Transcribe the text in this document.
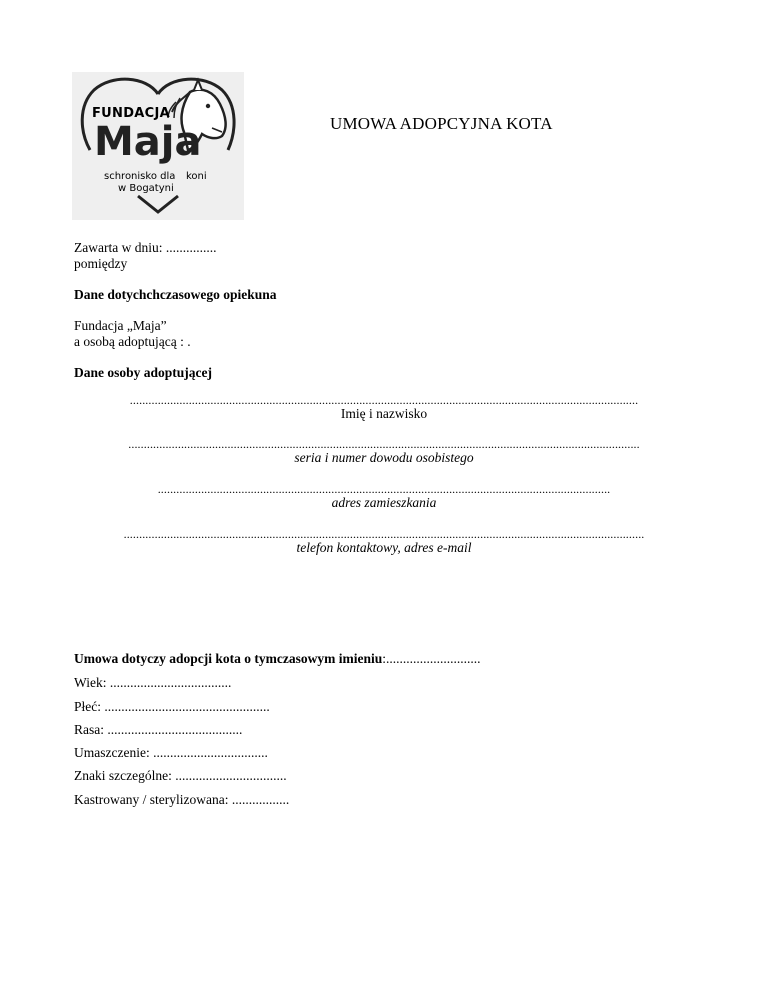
FUNDACJA
Maja
schronisko dla koni
w Bogatyni
UMOWA ADOPCYJNA KOTA
Zawarta w dniu: ...............
pomiędzy
Dane dotychchczasowego opiekuna
Fundacja „Maja”
a osobą adoptującą : .
Dane osoby adoptującej
....................................................................................................................................................................
Imię i nazwisko
.....................................................................................................................................................................
seria i numer dowodu osobistego
..................................................................................................................................................
adres zamieszkania
........................................................................................................................................................................
telefon kontaktowy, adres e-mail
Umowa dotyczy adopcji kota o tymczasowym imieniu:............................
Wiek: ....................................
Płeć: .................................................
Rasa: ........................................
Umaszczenie: ..................................
Znaki szczególne: .................................
Kastrowany / sterylizowana: .................
